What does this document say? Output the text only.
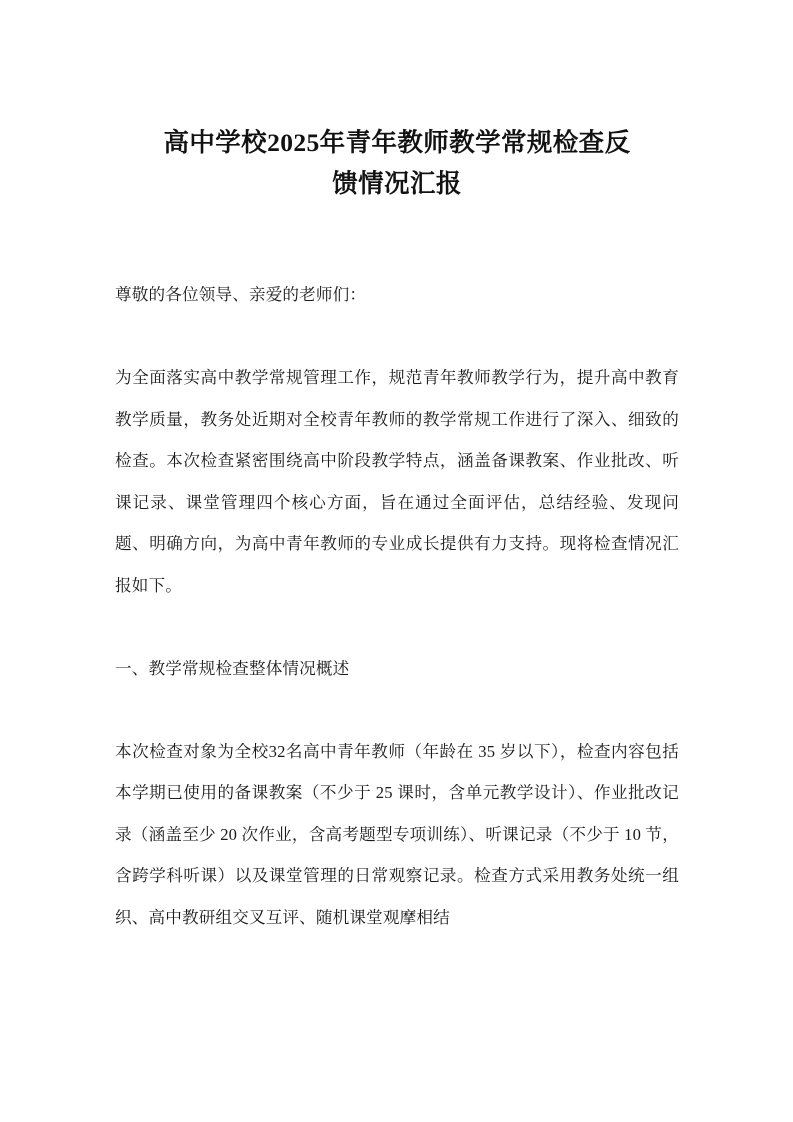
高中学校2025年青年教师教学常规检查反
馈情况汇报

尊敬的各位领导、亲爱的老师们：

为全面落实高中教学常规管理工作，规范青年教师教学行为，提升高中教育教学质量，教务处近期对全校青年教师的教学常规工作进行了深入、细致的检查。本次检查紧密围绕高中阶段教学特点，涵盖备课教案、作业批改、听课记录、课堂管理四个核心方面，旨在通过全面评估，总结经验、发现问题、明确方向，为高中青年教师的专业成长提供有力支持。现将检查情况汇报如下。

一、教学常规检查整体情况概述

本次检查对象为全校32名高中青年教师（年龄在 35 岁以下），检查内容包括本学期已使用的备课教案（不少于 25 课时，含单元教学设计）、作业批改记录（涵盖至少 20 次作业，含高考题型专项训练）、听课记录（不少于 10 节，含跨学科听课）以及课堂管理的日常观察记录。检查方式采用教务处统一组织、高中教研组交叉互评、随机课堂观摩相结
